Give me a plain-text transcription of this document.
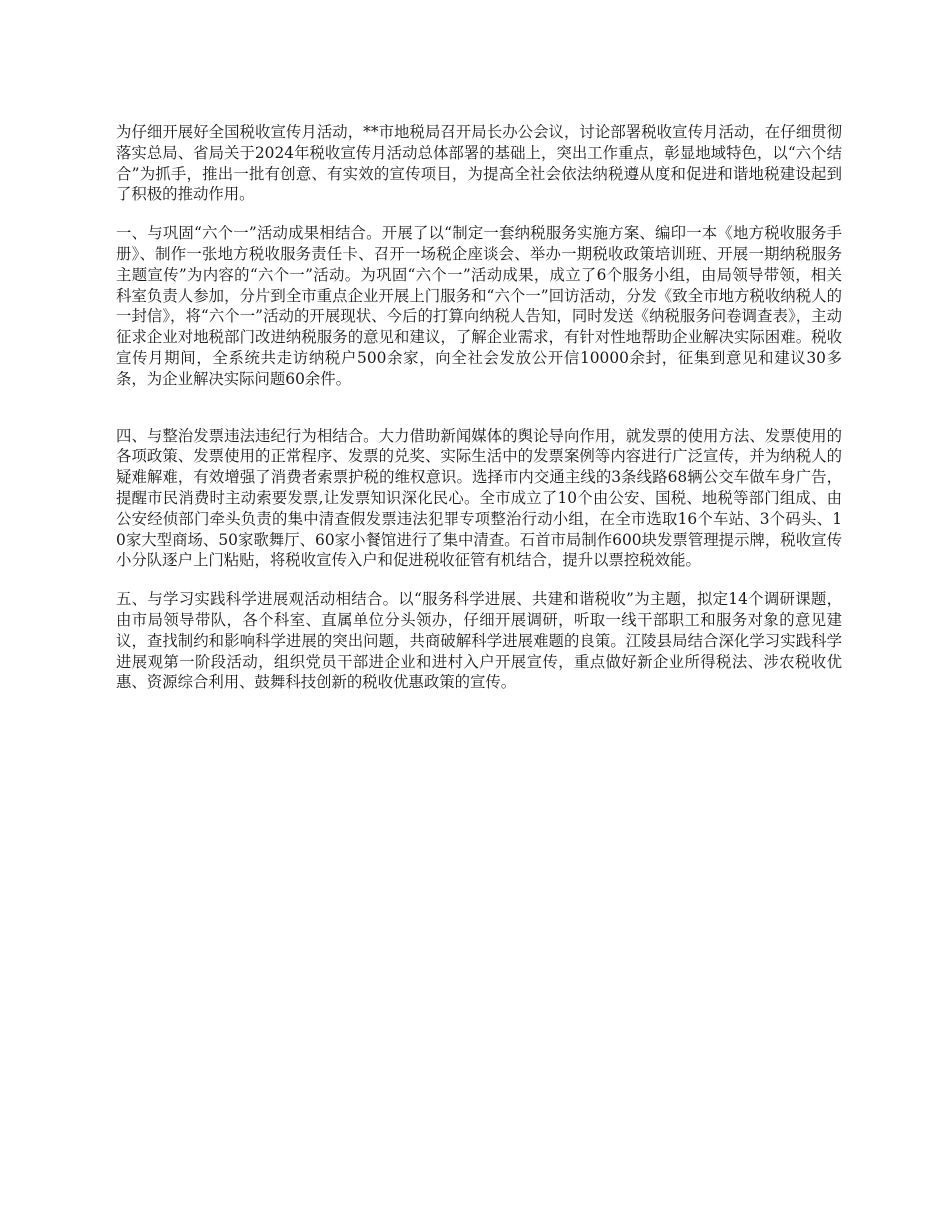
为仔细开展好全国税收宣传月活动，**市地税局召开局长办公会议，讨论部署税收宣传月活动，在仔细贯彻落实总局、省局关于2024年税收宣传月活动总体部署的基础上，突出工作重点，彰显地域特色，以“六个结合”为抓手，推出一批有创意、有实效的宣传项目，为提高全社会依法纳税遵从度和促进和谐地税建设起到了积极的推动作用。

一、与巩固“六个一”活动成果相结合。开展了以“制定一套纳税服务实施方案、编印一本《地方税收服务手册》、制作一张地方税收服务责任卡、召开一场税企座谈会、举办一期税收政策培训班、开展一期纳税服务主题宣传”为内容的“六个一”活动。为巩固“六个一”活动成果，成立了6个服务小组，由局领导带领，相关科室负责人参加，分片到全市重点企业开展上门服务和“六个一”回访活动，分发《致全市地方税收纳税人的一封信》，将“六个一”活动的开展现状、今后的打算向纳税人告知，同时发送《纳税服务问卷调查表》，主动征求企业对地税部门改进纳税服务的意见和建议，了解企业需求，有针对性地帮助企业解决实际困难。税收宣传月期间，全系统共走访纳税户500余家，向全社会发放公开信10000余封，征集到意见和建议30多条，为企业解决实际问题60余件。

四、与整治发票违法违纪行为相结合。大力借助新闻媒体的舆论导向作用，就发票的使用方法、发票使用的各项政策、发票使用的正常程序、发票的兑奖、实际生活中的发票案例等内容进行广泛宣传，并为纳税人的疑难解难，有效增强了消费者索票护税的维权意识。选择市内交通主线的3条线路68辆公交车做车身广告，提醒市民消费时主动索要发票,让发票知识深化民心。全市成立了10个由公安、国税、地税等部门组成、由公安经侦部门牵头负责的集中清查假发票违法犯罪专项整治行动小组，在全市选取16个车站、3个码头、10家大型商场、50家歌舞厅、60家小餐馆进行了集中清查。石首市局制作600块发票管理提示牌，税收宣传小分队逐户上门粘贴，将税收宣传入户和促进税收征管有机结合，提升以票控税效能。

五、与学习实践科学进展观活动相结合。以“服务科学进展、共建和谐税收”为主题，拟定14个调研课题，由市局领导带队，各个科室、直属单位分头领办，仔细开展调研，听取一线干部职工和服务对象的意见建议，查找制约和影响科学进展的突出问题，共商破解科学进展难题的良策。江陵县局结合深化学习实践科学进展观第一阶段活动，组织党员干部进企业和进村入户开展宣传，重点做好新企业所得税法、涉农税收优惠、资源综合利用、鼓舞科技创新的税收优惠政策的宣传。
